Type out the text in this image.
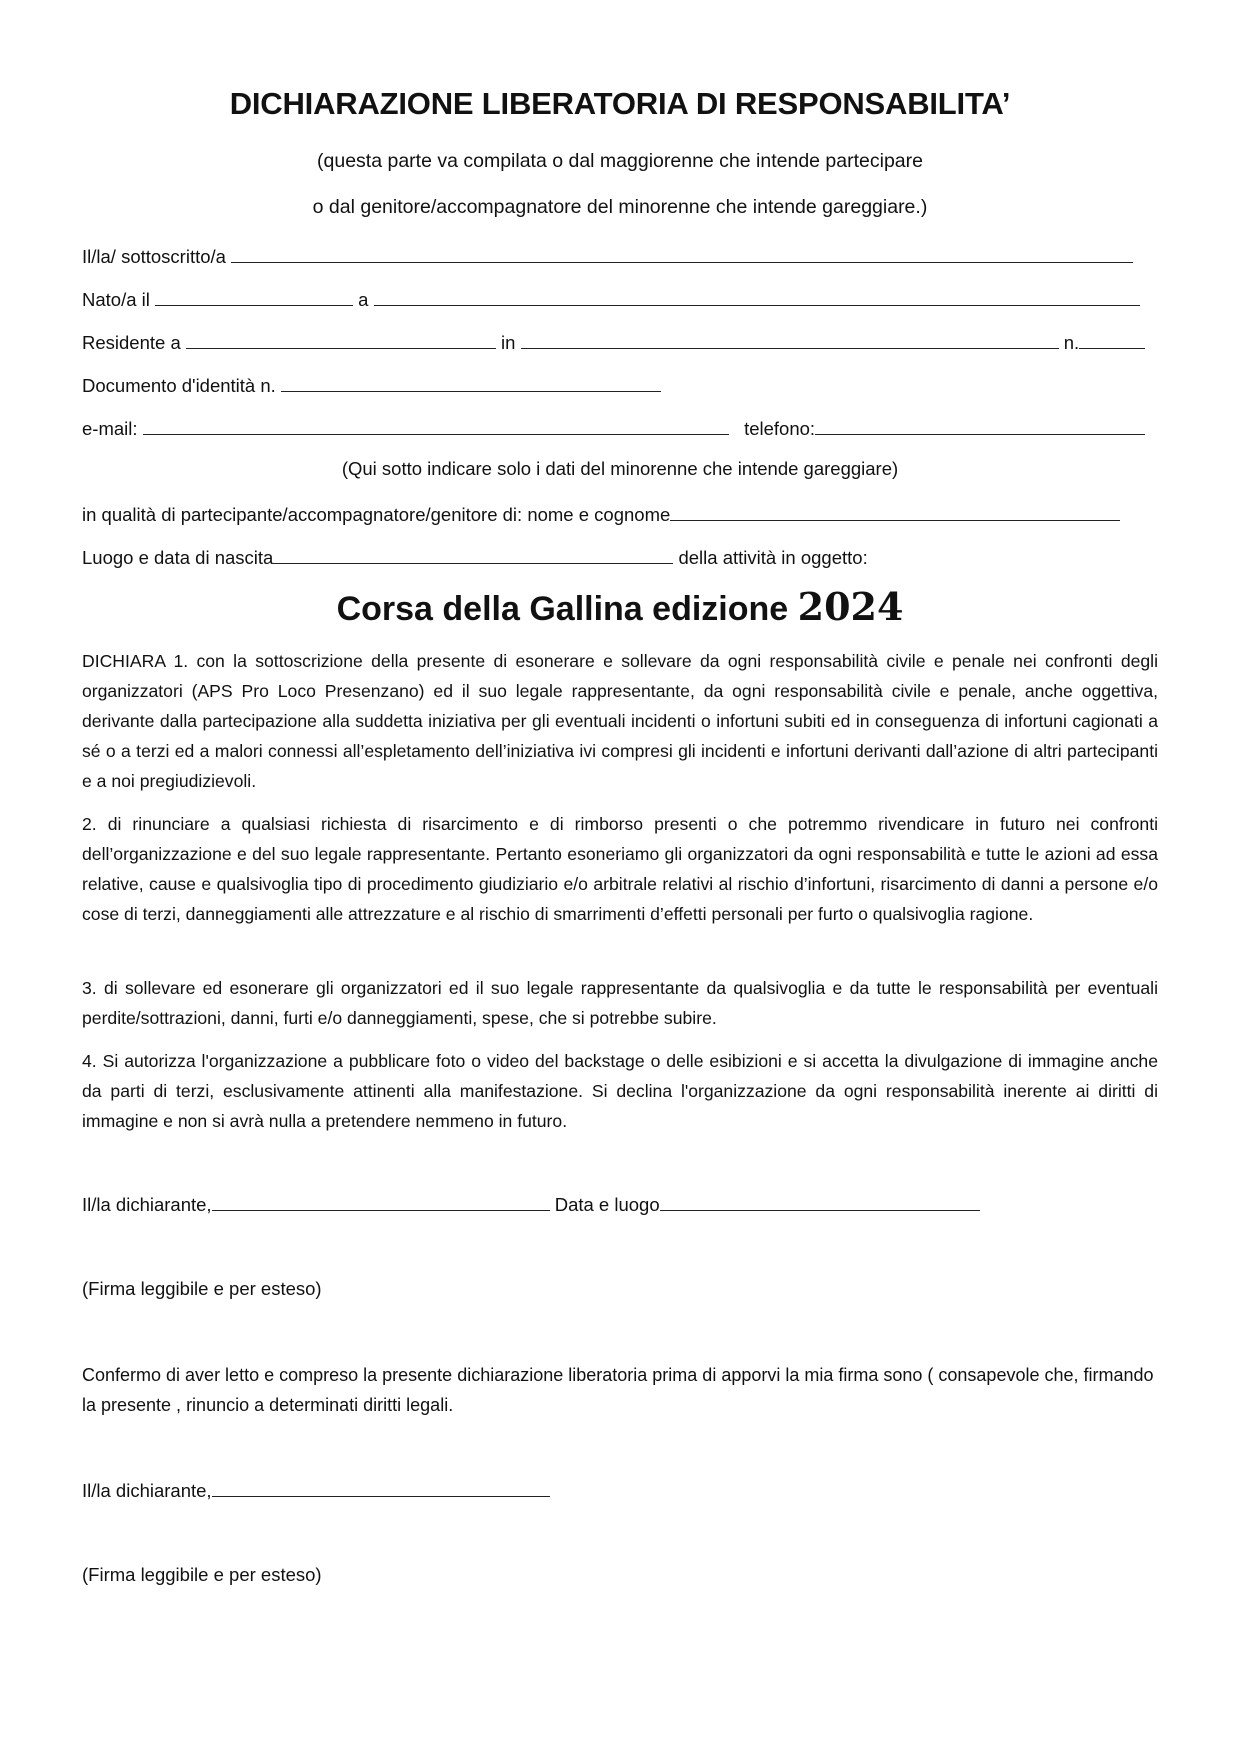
DICHIARAZIONE LIBERATORIA DI RESPONSABILITA’
(questa parte va compilata o dal maggiorenne che intende partecipare
o dal genitore/accompagnatore del minorenne che intende gareggiare.)
Il/la/ sottoscritto/a
Nato/a il	a
Residente a	in	n.
Documento d'identità n.
e-mail:	telefono:
(Qui sotto indicare solo i dati del minorenne che intende gareggiare)
in qualità di partecipante/accompagnatore/genitore di: nome e cognome
Luogo e data di nascita	della attività in oggetto:
Corsa della Gallina edizione 2024
DICHIARA 1. con la sottoscrizione della presente di esonerare e sollevare da ogni responsabilità civile e penale nei confronti degli organizzatori (APS Pro Loco Presenzano) ed il suo legale rappresentante, da ogni responsabilità civile e penale, anche oggettiva, derivante dalla partecipazione alla suddetta iniziativa per gli eventuali incidenti o infortuni subiti ed in conseguenza di infortuni cagionati a sé o a terzi ed a malori connessi all’espletamento dell’iniziativa ivi compresi gli incidenti e infortuni derivanti dall’azione di altri partecipanti e a noi pregiudizievoli.
2. di rinunciare a qualsiasi richiesta di risarcimento e di rimborso presenti o che potremmo rivendicare in futuro nei confronti dell’organizzazione e del suo legale rappresentante. Pertanto esoneriamo gli organizzatori da ogni responsabilità e tutte le azioni ad essa relative, cause e qualsivoglia tipo di procedimento giudiziario e/o arbitrale relativi al rischio d’infortuni, risarcimento di danni a persone e/o cose di terzi, danneggiamenti alle attrezzature e al rischio di smarrimenti d’effetti personali per furto o qualsivoglia ragione.
3. di sollevare ed esonerare gli organizzatori ed il suo legale rappresentante da qualsivoglia e da tutte le responsabilità per eventuali perdite/sottrazioni, danni, furti e/o danneggiamenti, spese, che si potrebbe subire.
4. Si autorizza l'organizzazione a pubblicare foto o video del backstage o delle esibizioni e si accetta la divulgazione di immagine anche da parti di terzi, esclusivamente attinenti alla manifestazione. Si declina l'organizzazione da ogni responsabilità inerente ai diritti di immagine e non si avrà nulla a pretendere nemmeno in futuro.
Il/la dichiarante,	Data e luogo
(Firma leggibile e per esteso)
Confermo di aver letto e compreso la presente dichiarazione liberatoria prima di apporvi la mia firma sono ( consapevole che, firmando la presente , rinuncio a determinati diritti legali.
Il/la dichiarante,
(Firma leggibile e per esteso)
